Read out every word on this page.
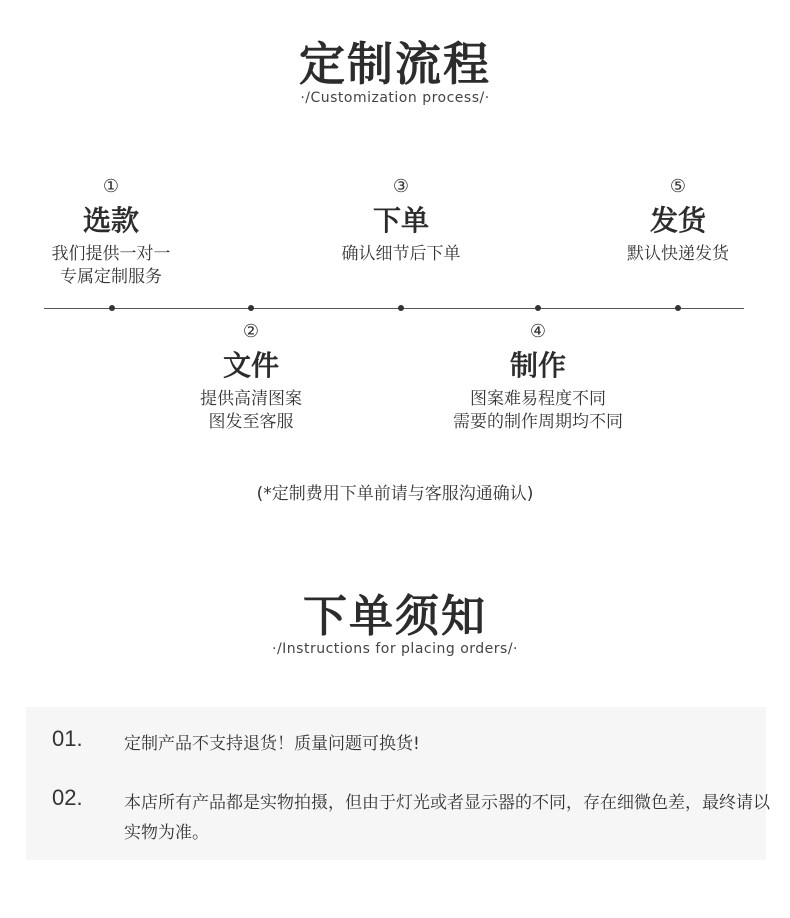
定制流程
·/Customization process/·
①
选款
我们提供一对一
专属定制服务
③
下单
确认细节后下单
⑤
发货
默认快递发货
②
文件
提供高清图案
图发至客服
④
制作
图案难易程度不同
需要的制作周期均不同
(*定制费用下单前请与客服沟通确认)
下单须知
·/Instructions for placing orders/·
01. 定制产品不支持退货！质量问题可换货!
02. 本店所有产品都是实物拍摄，但由于灯光或者显示器的不同，存在细微色差，最终请以实物为准。
